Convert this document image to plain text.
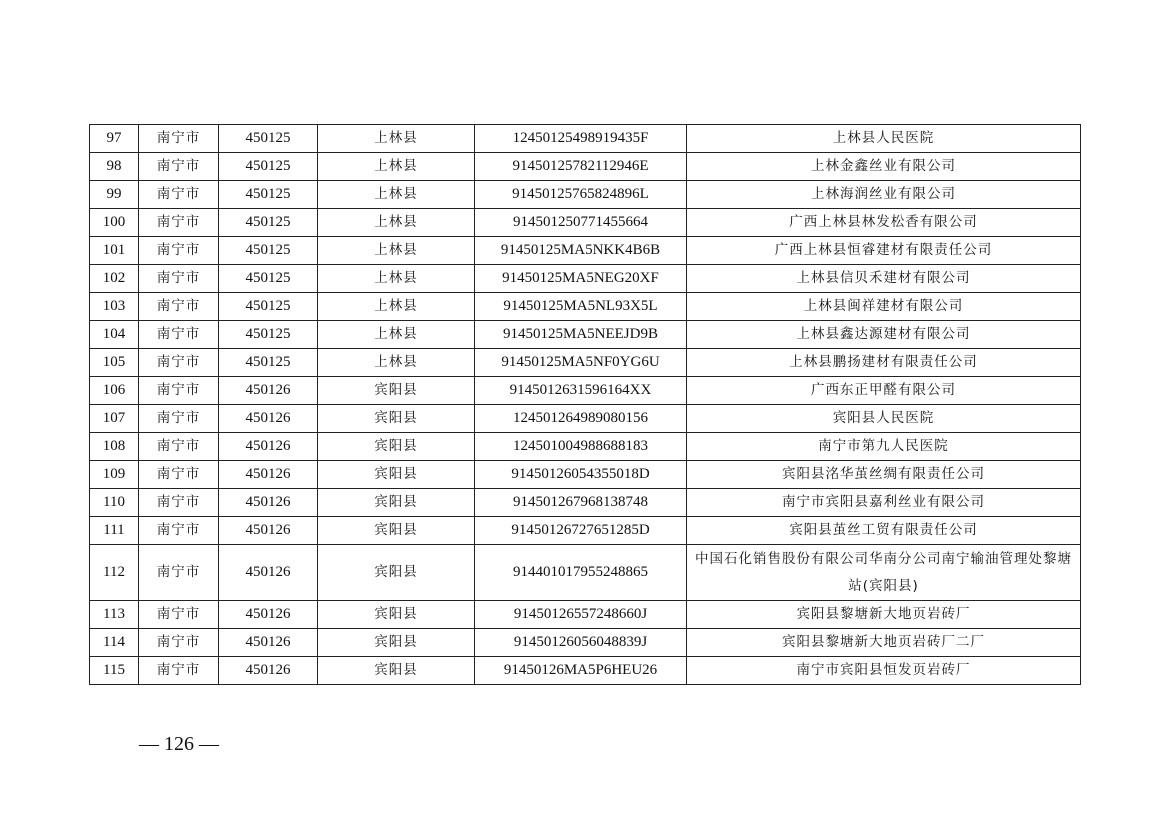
97	南宁市	450125	上林县	12450125498919435F	上林县人民医院
98	南宁市	450125	上林县	91450125782112946E	上林金鑫丝业有限公司
99	南宁市	450125	上林县	91450125765824896L	上林海润丝业有限公司
100	南宁市	450125	上林县	914501250771455664	广西上林县林发松香有限公司
101	南宁市	450125	上林县	91450125MA5NKK4B6B	广西上林县恒睿建材有限责任公司
102	南宁市	450125	上林县	91450125MA5NEG20XF	上林县信贝禾建材有限公司
103	南宁市	450125	上林县	91450125MA5NL93X5L	上林县闽祥建材有限公司
104	南宁市	450125	上林县	91450125MA5NEEJD9B	上林县鑫达源建材有限公司
105	南宁市	450125	上林县	91450125MA5NF0YG6U	上林县鹏扬建材有限责任公司
106	南宁市	450126	宾阳县	9145012631596164XX	广西东正甲醛有限公司
107	南宁市	450126	宾阳县	124501264989080156	宾阳县人民医院
108	南宁市	450126	宾阳县	124501004988688183	南宁市第九人民医院
109	南宁市	450126	宾阳县	91450126054355018D	宾阳县洺华茧丝绸有限责任公司
110	南宁市	450126	宾阳县	914501267968138748	南宁市宾阳县嘉利丝业有限公司
111	南宁市	450126	宾阳县	91450126727651285D	宾阳县茧丝工贸有限责任公司
112	南宁市	450126	宾阳县	914401017955248865	中国石化销售股份有限公司华南分公司南宁输油管理处黎塘站(宾阳县)
113	南宁市	450126	宾阳县	91450126557248660J	宾阳县黎塘新大地页岩砖厂
114	南宁市	450126	宾阳县	91450126056048839J	宾阳县黎塘新大地页岩砖厂二厂
115	南宁市	450126	宾阳县	91450126MA5P6HEU26	南宁市宾阳县恒发页岩砖厂
— 126 —
